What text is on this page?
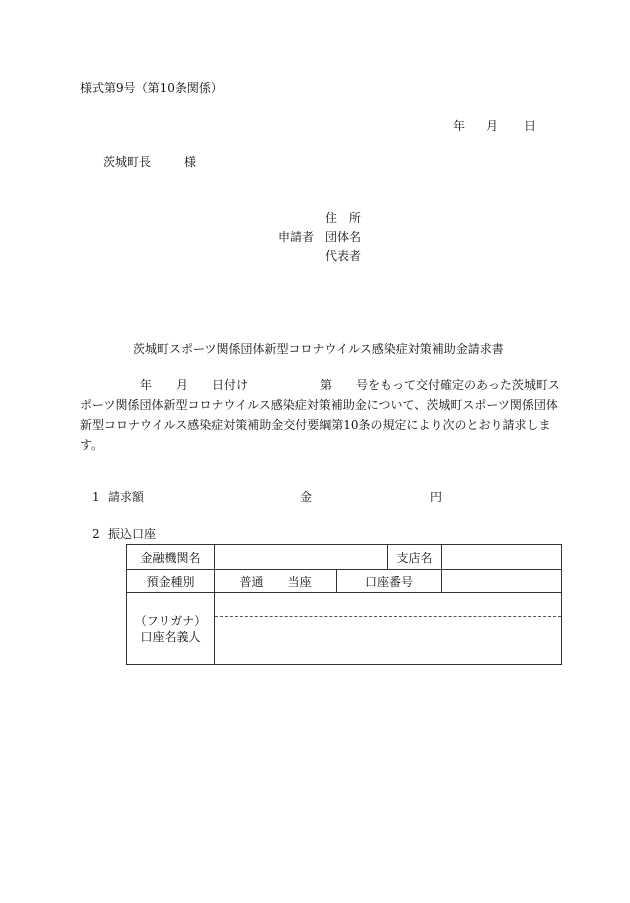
様式第9号（第10条関係）
年 月 日
茨城町長	様
住　所
申請者 団体名
代表者
茨城町スポーツ関係団体新型コロナウイルス感染症対策補助金請求書
　　　　　年　　月　　日付け　　　　　　第　　号をもって交付確定のあった茨城町ス
ポーツ関係団体新型コロナウイルス感染症対策補助金について、茨城町スポーツ関係団体
新型コロナウイルス感染症対策補助金交付要綱第10条の規定により次のとおり請求しま
す。
1 請求額	金	円
2 振込口座
金融機関名			支店名	
預金種別	普通　　 当座	口座番号		
（フリガナ）
口座名義人				
